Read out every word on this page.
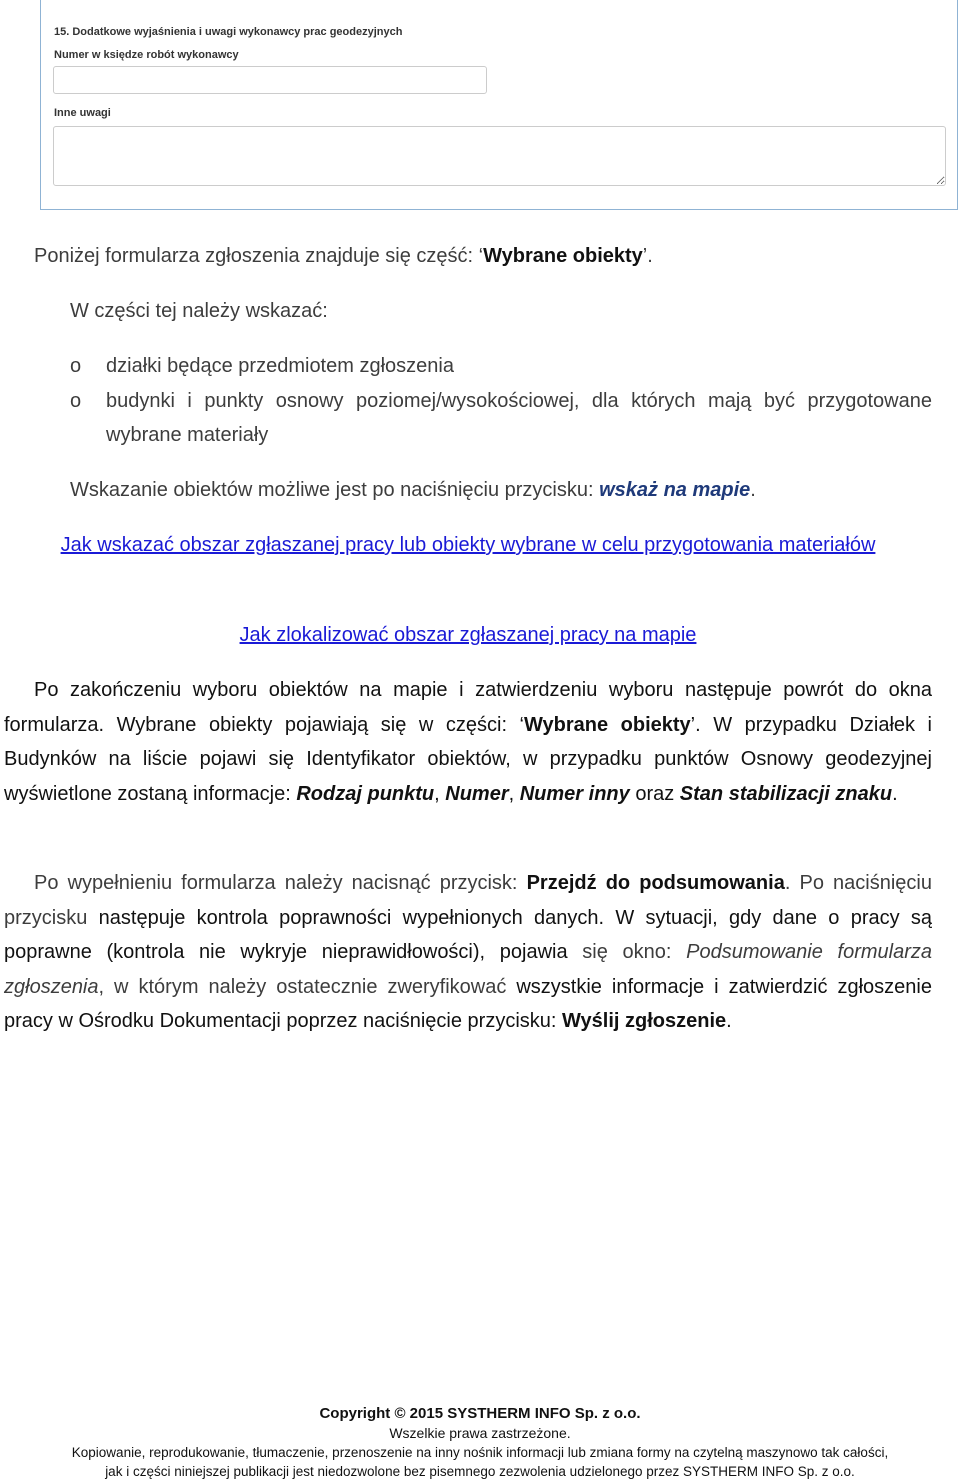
15. Dodatkowe wyjaśnienia i uwagi wykonawcy prac geodezyjnych
Numer w księdze robót wykonawcy
Inne uwagi
Poniżej formularza zgłoszenia znajduje się część: ‘Wybrane obiekty’.
W części tej należy wskazać:
o działki będące przedmiotem zgłoszenia
o budynki i punkty osnowy poziomej/wysokościowej, dla których mają być przygotowane wybrane materiały
Wskazanie obiektów możliwe jest po naciśnięciu przycisku: wskaż na mapie.
Jak wskazać obszar zgłaszanej pracy lub obiekty wybrane w celu przygotowania materiałów
Jak zlokalizować obszar zgłaszanej pracy na mapie
Po zakończeniu wyboru obiektów na mapie i zatwierdzeniu wyboru następuje powrót do okna formularza. Wybrane obiekty pojawiają się w części: ‘Wybrane obiekty’. W przypadku Działek i Budynków na liście pojawi się Identyfikator obiektów, w przypadku punktów Osnowy geodezyjnej wyświetlone zostaną informacje: Rodzaj punktu, Numer, Numer inny oraz Stan stabilizacji znaku.
Po wypełnieniu formularza należy nacisnąć przycisk: Przejdź do podsumowania. Po naciśnięciu przycisku następuje kontrola poprawności wypełnionych danych. W sytuacji, gdy dane o pracy są poprawne (kontrola nie wykryje nieprawidłowości), pojawia się okno: Podsumowanie formularza zgłoszenia, w którym należy ostatecznie zweryfikować wszystkie informacje i zatwierdzić zgłoszenie pracy w Ośrodku Dokumentacji poprzez naciśnięcie przycisku: Wyślij zgłoszenie.
Copyright © 2015 SYSTHERM INFO Sp. z o.o.
Wszelkie prawa zastrzeżone.
Kopiowanie, reprodukowanie, tłumaczenie, przenoszenie na inny nośnik informacji lub zmiana formy na czytelną maszynowo tak całości,
jak i części niniejszej publikacji jest niedozwolone bez pisemnego zezwolenia udzielonego przez SYSTHERM INFO Sp. z o.o.
